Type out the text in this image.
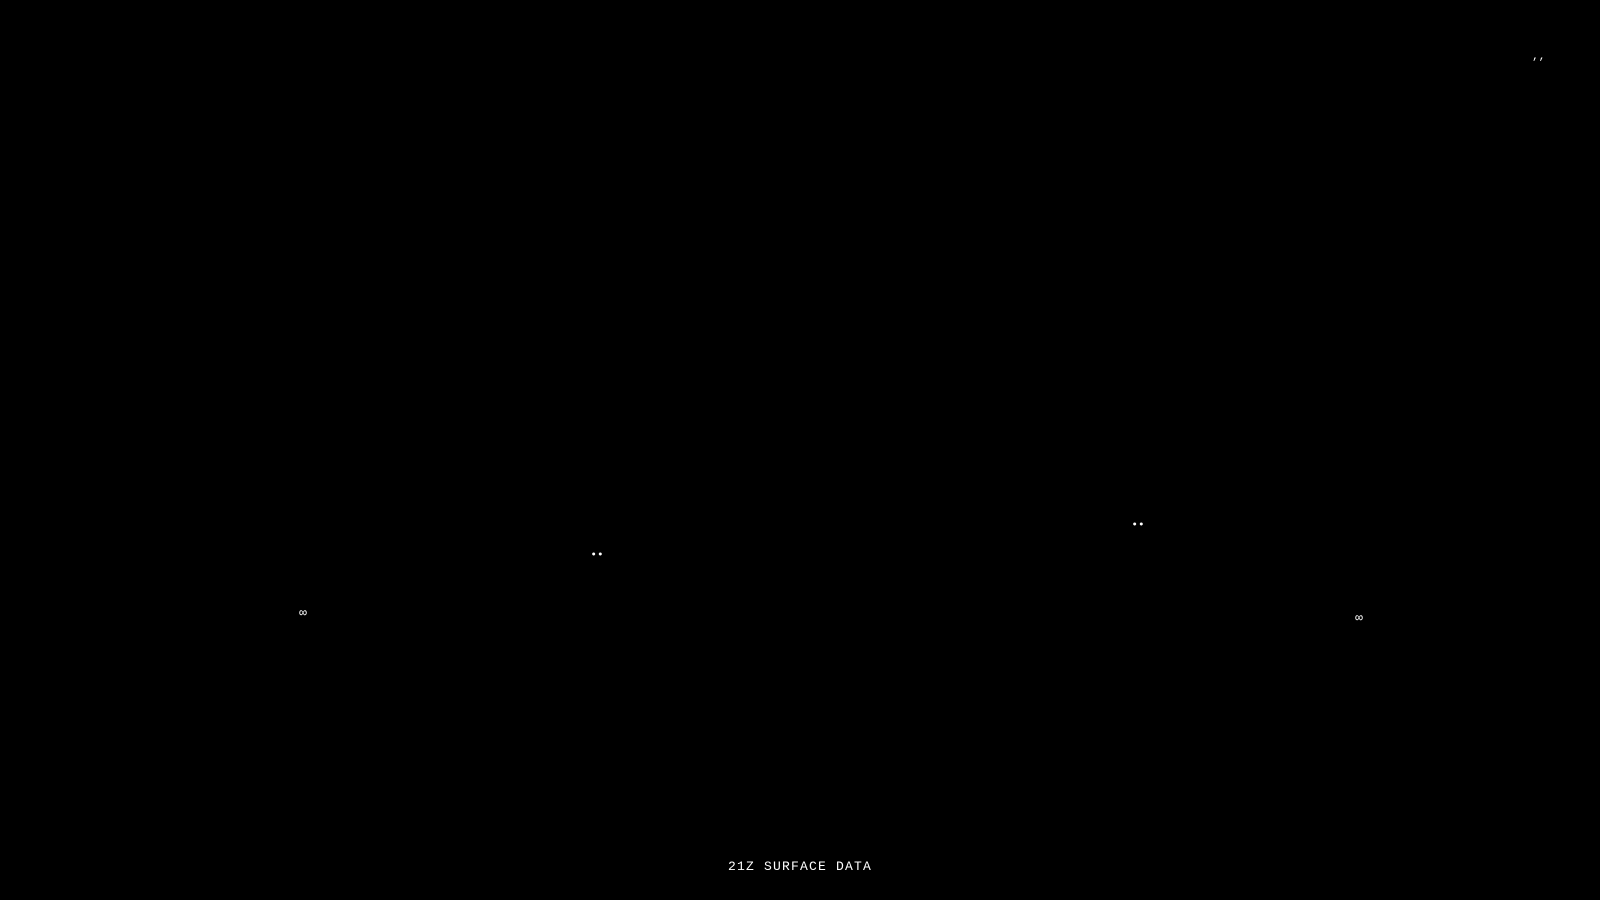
∞
••
••
∞
’’
21Z SURFACE DATA
